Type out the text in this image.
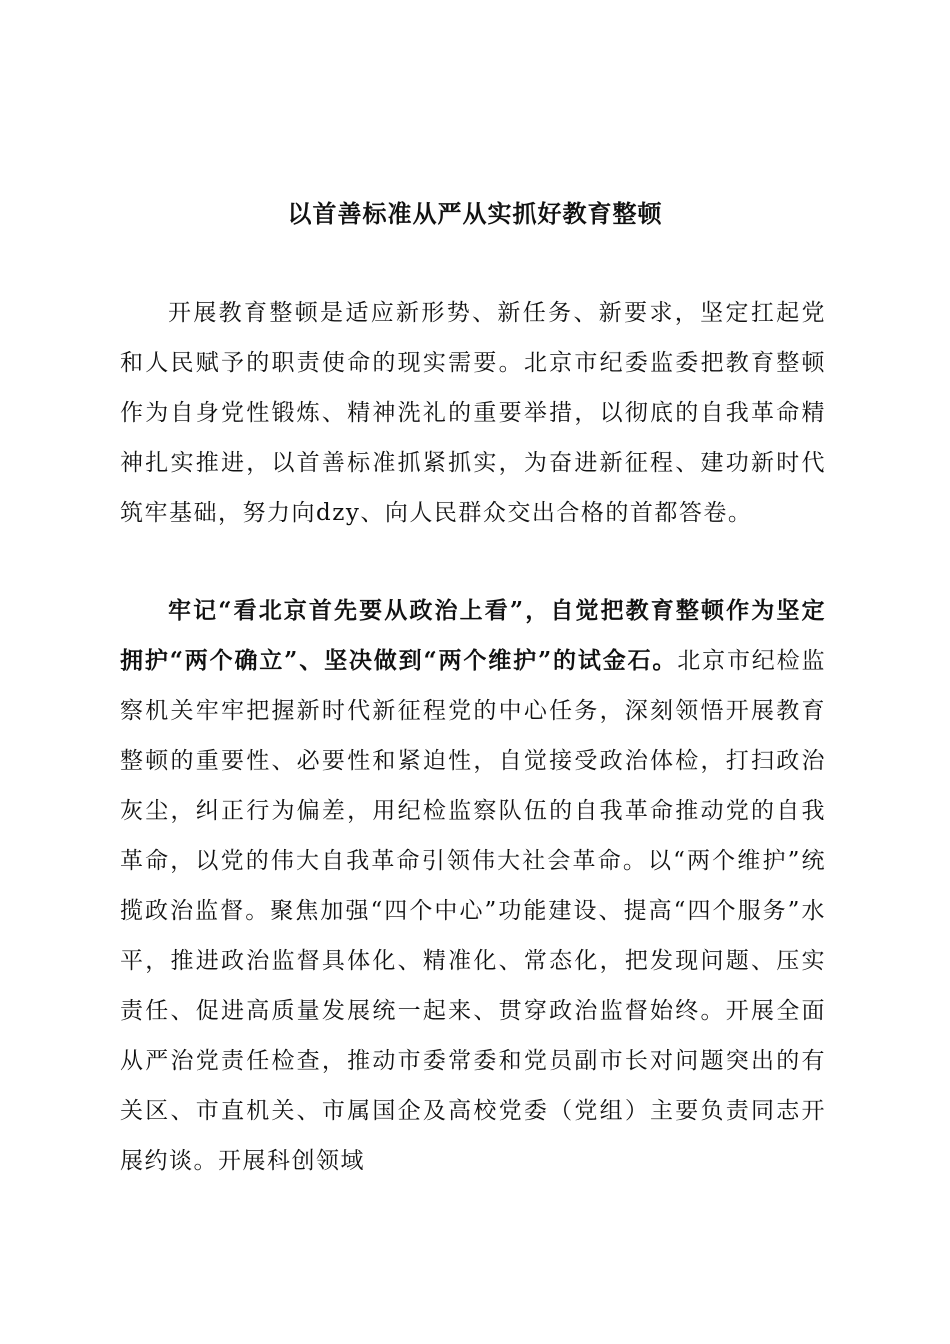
以首善标准从严从实抓好教育整顿

开展教育整顿是适应新形势、新任务、新要求，坚定扛起党和人民赋予的职责使命的现实需要。北京市纪委监委把教育整顿作为自身党性锻炼、精神洗礼的重要举措，以彻底的自我革命精神扎实推进，以首善标准抓紧抓实，为奋进新征程、建功新时代筑牢基础，努力向dzy、向人民群众交出合格的首都答卷。

牢记“看北京首先要从政治上看”，自觉把教育整顿作为坚定拥护“两个确立”、坚决做到“两个维护”的试金石。北京市纪检监察机关牢牢把握新时代新征程党的中心任务，深刻领悟开展教育整顿的重要性、必要性和紧迫性，自觉接受政治体检，打扫政治灰尘，纠正行为偏差，用纪检监察队伍的自我革命推动党的自我革命，以党的伟大自我革命引领伟大社会革命。以“两个维护”统揽政治监督。聚焦加强“四个中心”功能建设、提高“四个服务”水平，推进政治监督具体化、精准化、常态化，把发现问题、压实责任、促进高质量发展统一起来、贯穿政治监督始终。开展全面从严治党责任检查，推动市委常委和党员副市长对问题突出的有关区、市直机关、市属国企及高校党委（党组）主要负责同志开展约谈。开展科创领域
